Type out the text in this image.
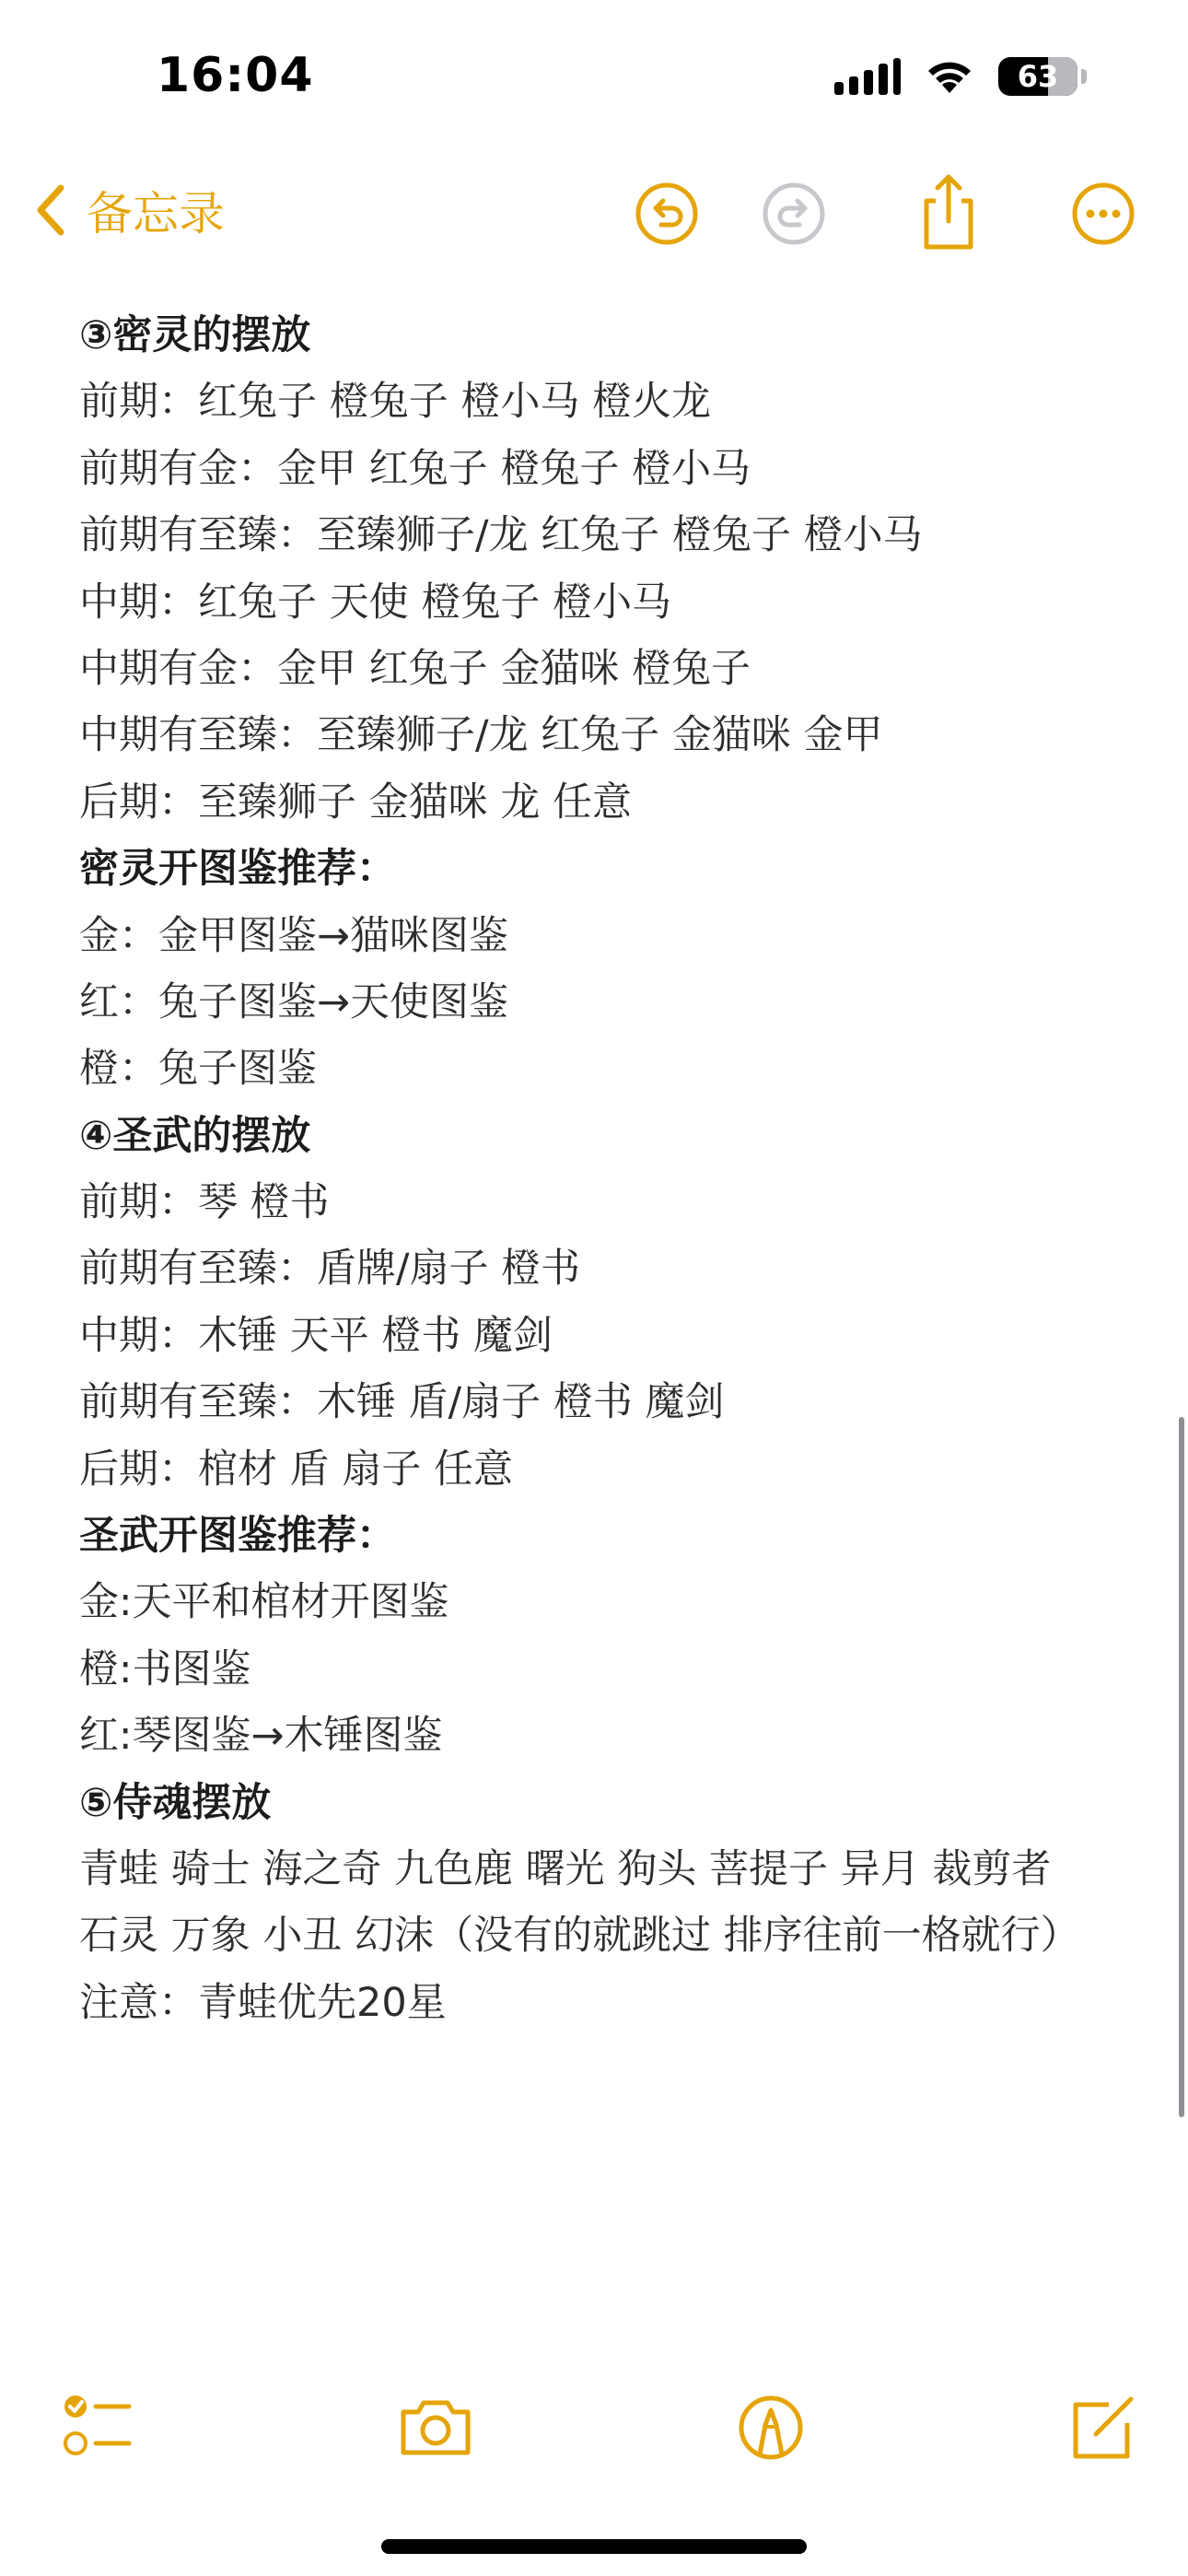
16:04	63
备忘录
③密灵的摆放
前期：红兔子 橙兔子 橙小马 橙火龙
前期有金：金甲 红兔子 橙兔子 橙小马
前期有至臻：至臻狮子/龙 红兔子 橙兔子 橙小马
中期：红兔子 天使 橙兔子 橙小马
中期有金：金甲 红兔子 金猫咪 橙兔子
中期有至臻：至臻狮子/龙 红兔子 金猫咪 金甲
后期：至臻狮子 金猫咪 龙 任意
密灵开图鉴推荐：
金：金甲图鉴→猫咪图鉴
红：兔子图鉴→天使图鉴
橙：兔子图鉴
④圣武的摆放
前期：琴 橙书
前期有至臻：盾牌/扇子 橙书
中期：木锤 天平 橙书 魔剑
前期有至臻：木锤 盾/扇子 橙书 魔剑
后期：棺材 盾 扇子 任意
圣武开图鉴推荐：
金:天平和棺材开图鉴
橙:书图鉴
红:琴图鉴→木锤图鉴
⑤侍魂摆放
青蛙 骑士 海之奇 九色鹿 曙光 狗头 菩提子 异月 裁剪者
石灵 万象 小丑 幻沫（没有的就跳过 排序往前一格就行）
注意：青蛙优先20星
